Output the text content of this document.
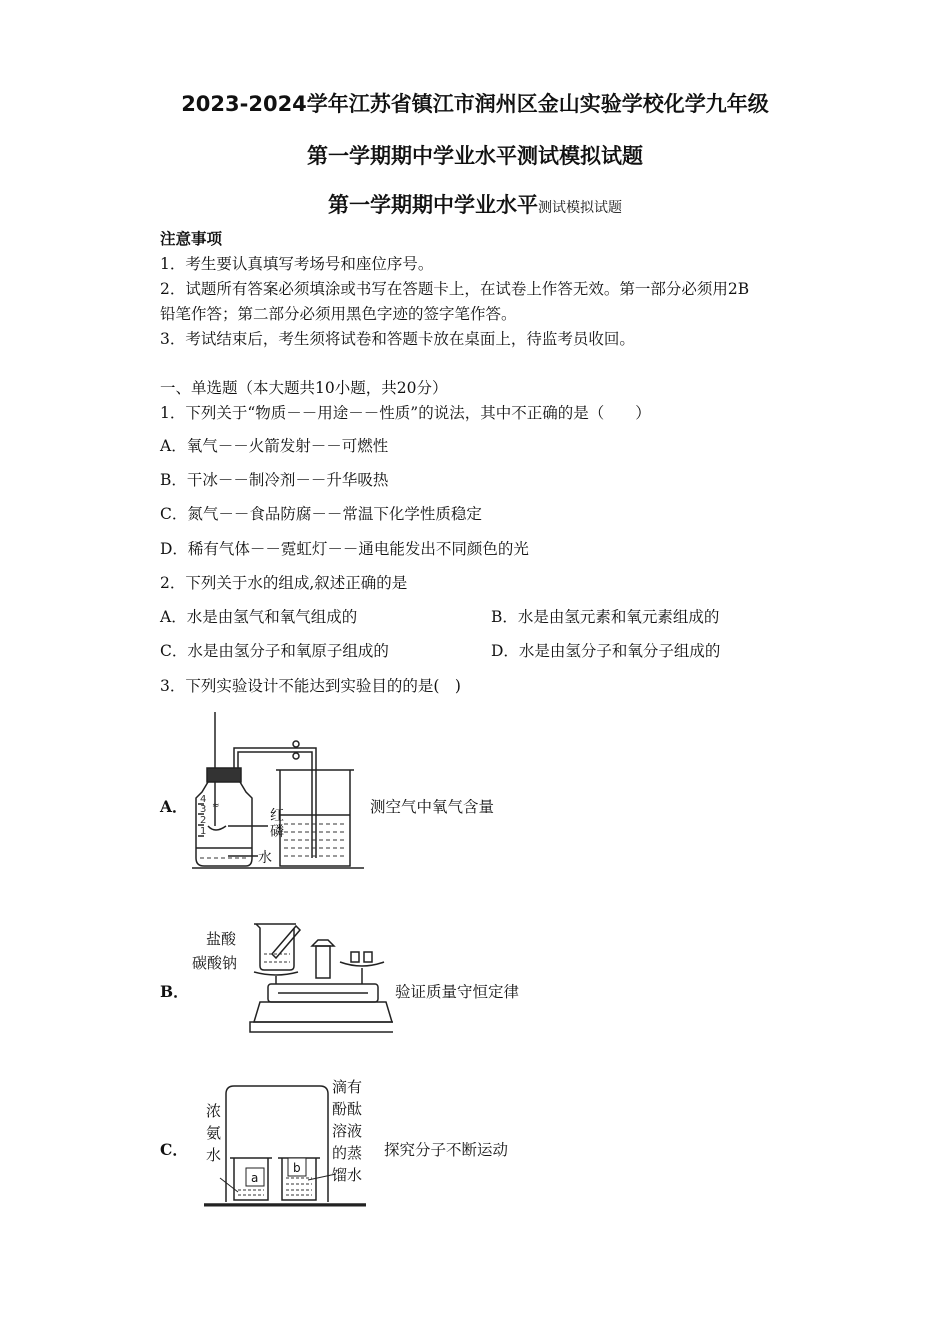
2023-2024学年江苏省镇江市润州区金山实验学校化学九年级
第一学期期中学业水平测试模拟试题
第一学期期中学业水平测试模拟试题
注意事项
1．考生要认真填写考场号和座位序号。
2．试题所有答案必须填涂或书写在答题卡上，在试卷上作答无效。第一部分必须用2B
铅笔作答；第二部分必须用黑色字迹的签字笔作答。
3．考试结束后，考生须将试卷和答题卡放在桌面上，待监考员收回。
一、单选题（本大题共10小题，共20分）
1．下列关于“物质－－用途－－性质”的说法，其中不正确的是（　　）
A．氧气－－火箭发射－－可燃性
B．干冰－－制冷剂－－升华吸热
C．氮气－－食品防腐－－常温下化学性质稳定
D．稀有气体－－霓虹灯－－通电能发出不同颜色的光
2．下列关于水的组成,叙述正确的是
A．水是由氢气和氧气组成的	B．水是由氢元素和氧元素组成的
C．水是由氢分子和氧原子组成的	D．水是由氢分子和氧分子组成的
3．下列实验设计不能达到实验目的的是(　)
A．	≈
4
3
2
1
红
磷
水
测空气中氧气含量
B．
盐酸
碳酸钠
验证质量守恒定律
C．
a
b
浓
氨
水
滴有
酚酞
溶液
的蒸
馏水
探究分子不断运动
